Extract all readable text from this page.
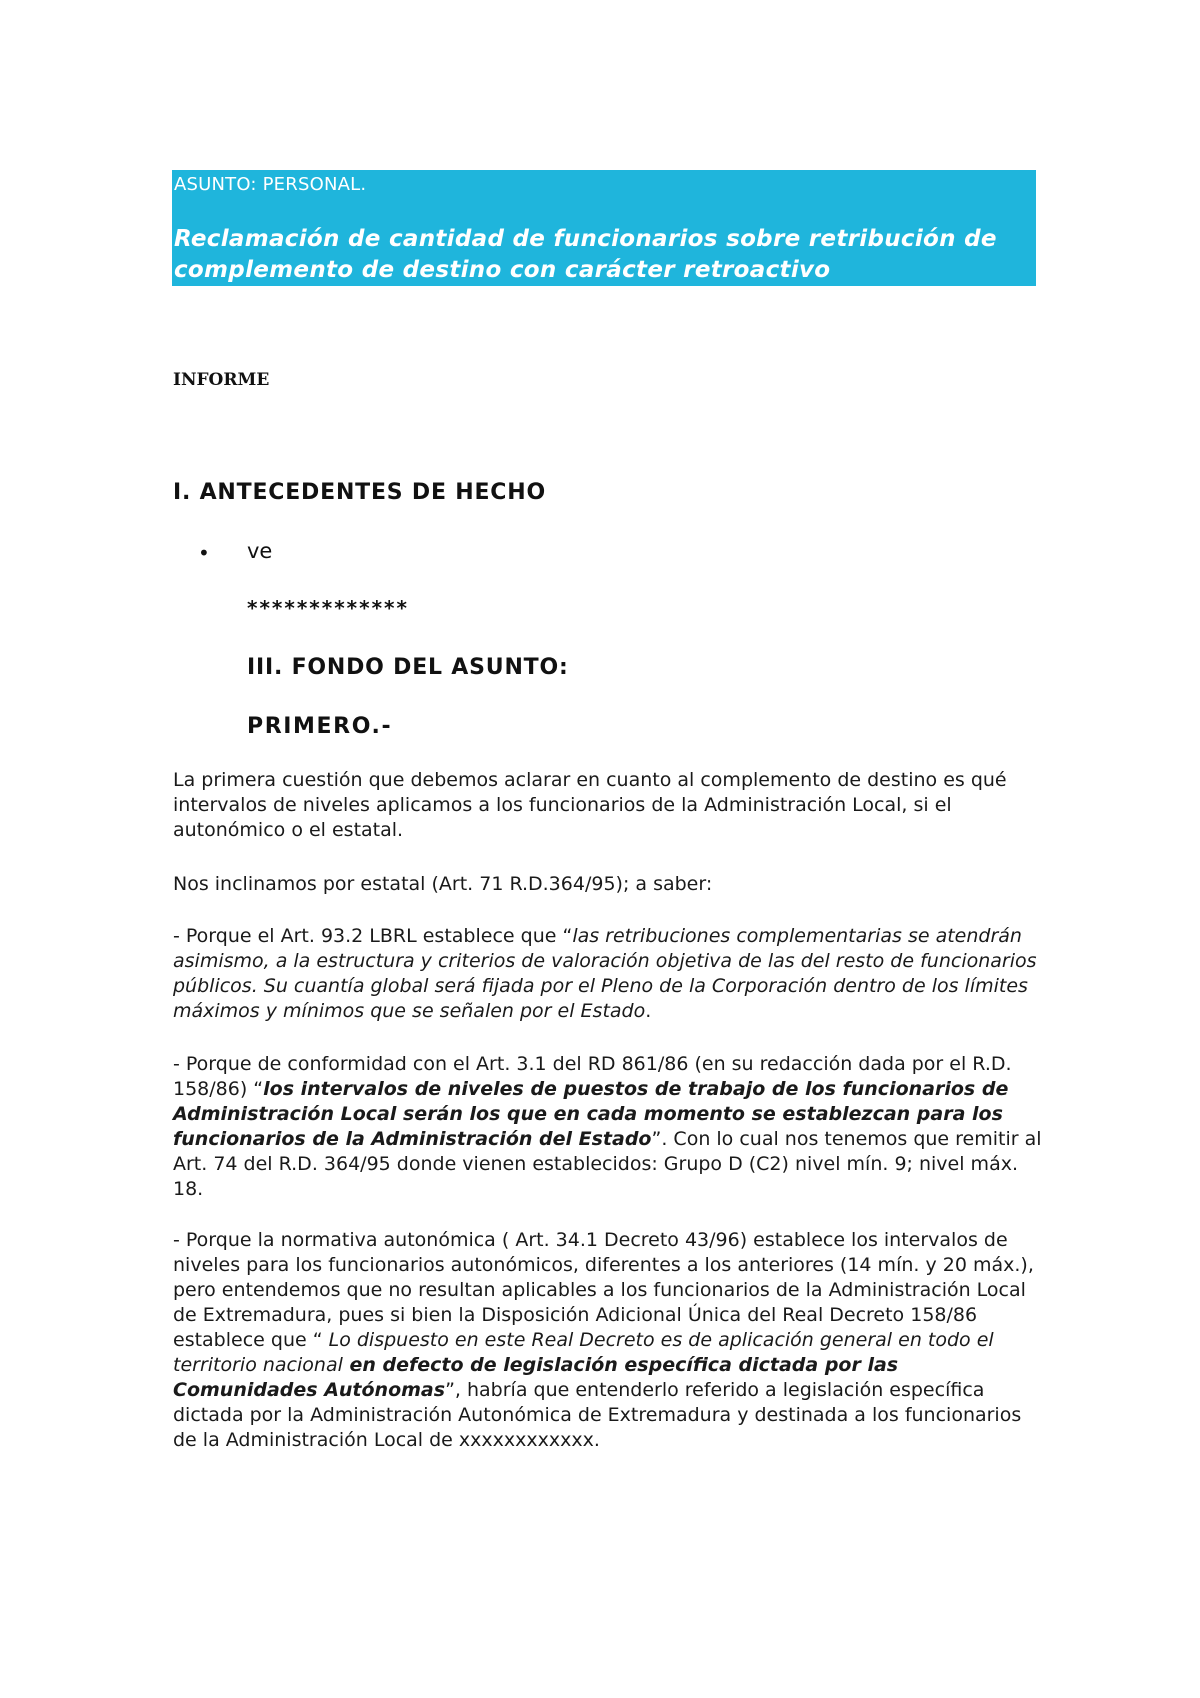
ASUNTO: PERSONAL.
Reclamación de cantidad de funcionarios sobre retribución de complemento de destino con carácter retroactivo
INFORME
I. ANTECEDENTES DE HECHO
• ve
*************
III. FONDO DEL ASUNTO:
PRIMERO.-

La primera cuestión que debemos aclarar en cuanto al complemento de destino es qué intervalos de niveles aplicamos a los funcionarios de la Administración Local, si el autonómico o el estatal.

Nos inclinamos por estatal (Art. 71 R.D.364/95); a saber:

- Porque el Art. 93.2 LBRL establece que “las retribuciones complementarias se atendrán asimismo, a la estructura y criterios de valoración objetiva de las del resto de funcionarios públicos. Su cuantía global será fijada por el Pleno de la Corporación dentro de los límites máximos y mínimos que se señalen por el Estado.

- Porque de conformidad con el Art. 3.1 del RD 861/86 (en su redacción dada por el R.D. 158/86) “los intervalos de niveles de puestos de trabajo de los funcionarios de Administración Local serán los que en cada momento se establezcan para los funcionarios de la Administración del Estado”. Con lo cual nos tenemos que remitir al Art. 74 del R.D. 364/95 donde vienen establecidos: Grupo D (C2) nivel mín. 9; nivel máx. 18.

- Porque la normativa autonómica ( Art. 34.1 Decreto 43/96) establece los intervalos de niveles para los funcionarios autonómicos, diferentes a los anteriores (14 mín. y 20 máx.), pero entendemos que no resultan aplicables a los funcionarios de la Administración Local de Extremadura, pues si bien la Disposición Adicional Única del Real Decreto 158/86 establece que “ Lo dispuesto en este Real Decreto es de aplicación general en todo el territorio nacional en defecto de legislación específica dictada por las Comunidades Autónomas”, habría que entenderlo referido a legislación específica dictada por la Administración Autonómica de Extremadura y destinada a los funcionarios de la Administración Local de xxxxxxxxxxxx.
